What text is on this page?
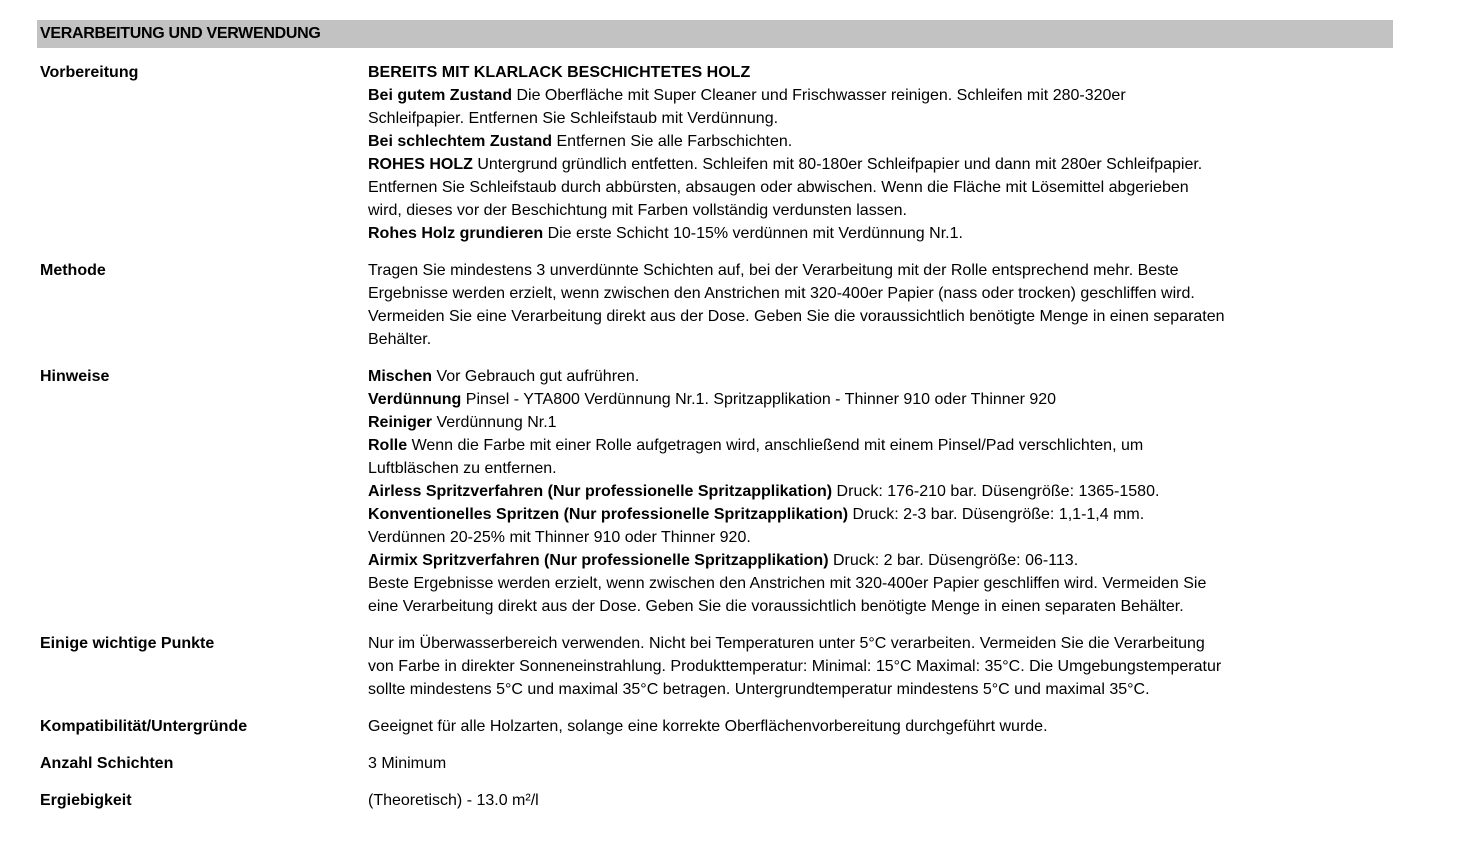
VERARBEITUNG UND VERWENDUNG
Vorbereitung	BEREITS MIT KLARLACK BESCHICHTETES HOLZ
Bei gutem Zustand Die Oberfläche mit Super Cleaner und Frischwasser reinigen. Schleifen mit 280-320er
Schleifpapier. Entfernen Sie Schleifstaub mit Verdünnung.
Bei schlechtem Zustand Entfernen Sie alle Farbschichten.
ROHES HOLZ Untergrund gründlich entfetten. Schleifen mit 80-180er Schleifpapier und dann mit 280er Schleifpapier.
Entfernen Sie Schleifstaub durch abbürsten, absaugen oder abwischen. Wenn die Fläche mit Lösemittel abgerieben
wird, dieses vor der Beschichtung mit Farben vollständig verdunsten lassen.
Rohes Holz grundieren Die erste Schicht 10-15% verdünnen mit Verdünnung Nr.1.
Methode	Tragen Sie mindestens 3 unverdünnte Schichten auf, bei der Verarbeitung mit der Rolle entsprechend mehr. Beste
Ergebnisse werden erzielt, wenn zwischen den Anstrichen mit 320-400er Papier (nass oder trocken) geschliffen wird.
Vermeiden Sie eine Verarbeitung direkt aus der Dose. Geben Sie die voraussichtlich benötigte Menge in einen separaten
Behälter.
Hinweise	Mischen Vor Gebrauch gut aufrühren.
Verdünnung Pinsel - YTA800 Verdünnung Nr.1. Spritzapplikation - Thinner 910 oder Thinner 920
Reiniger Verdünnung Nr.1
Rolle Wenn die Farbe mit einer Rolle aufgetragen wird, anschließend mit einem Pinsel/Pad verschlichten, um
Luftbläschen zu entfernen.
Airless Spritzverfahren (Nur professionelle Spritzapplikation) Druck: 176-210 bar. Düsengröße: 1365-1580.
Konventionelles Spritzen (Nur professionelle Spritzapplikation) Druck: 2-3 bar. Düsengröße: 1,1-1,4 mm.
Verdünnen 20-25% mit Thinner 910 oder Thinner 920.
Airmix Spritzverfahren (Nur professionelle Spritzapplikation) Druck: 2 bar. Düsengröße: 06-113.
Beste Ergebnisse werden erzielt, wenn zwischen den Anstrichen mit 320-400er Papier geschliffen wird. Vermeiden Sie
eine Verarbeitung direkt aus der Dose. Geben Sie die voraussichtlich benötigte Menge in einen separaten Behälter.
Einige wichtige Punkte	Nur im Überwasserbereich verwenden. Nicht bei Temperaturen unter 5°C verarbeiten. Vermeiden Sie die Verarbeitung
von Farbe in direkter Sonneneinstrahlung. Produkttemperatur: Minimal: 15°C Maximal: 35°C. Die Umgebungstemperatur
sollte mindestens 5°C und maximal 35°C betragen. Untergrundtemperatur mindestens 5°C und maximal 35°C.
Kompatibilität/Untergründe	Geeignet für alle Holzarten, solange eine korrekte Oberflächenvorbereitung durchgeführt wurde.
Anzahl Schichten	3 Minimum
Ergiebigkeit	(Theoretisch) - 13.0 m²/l
